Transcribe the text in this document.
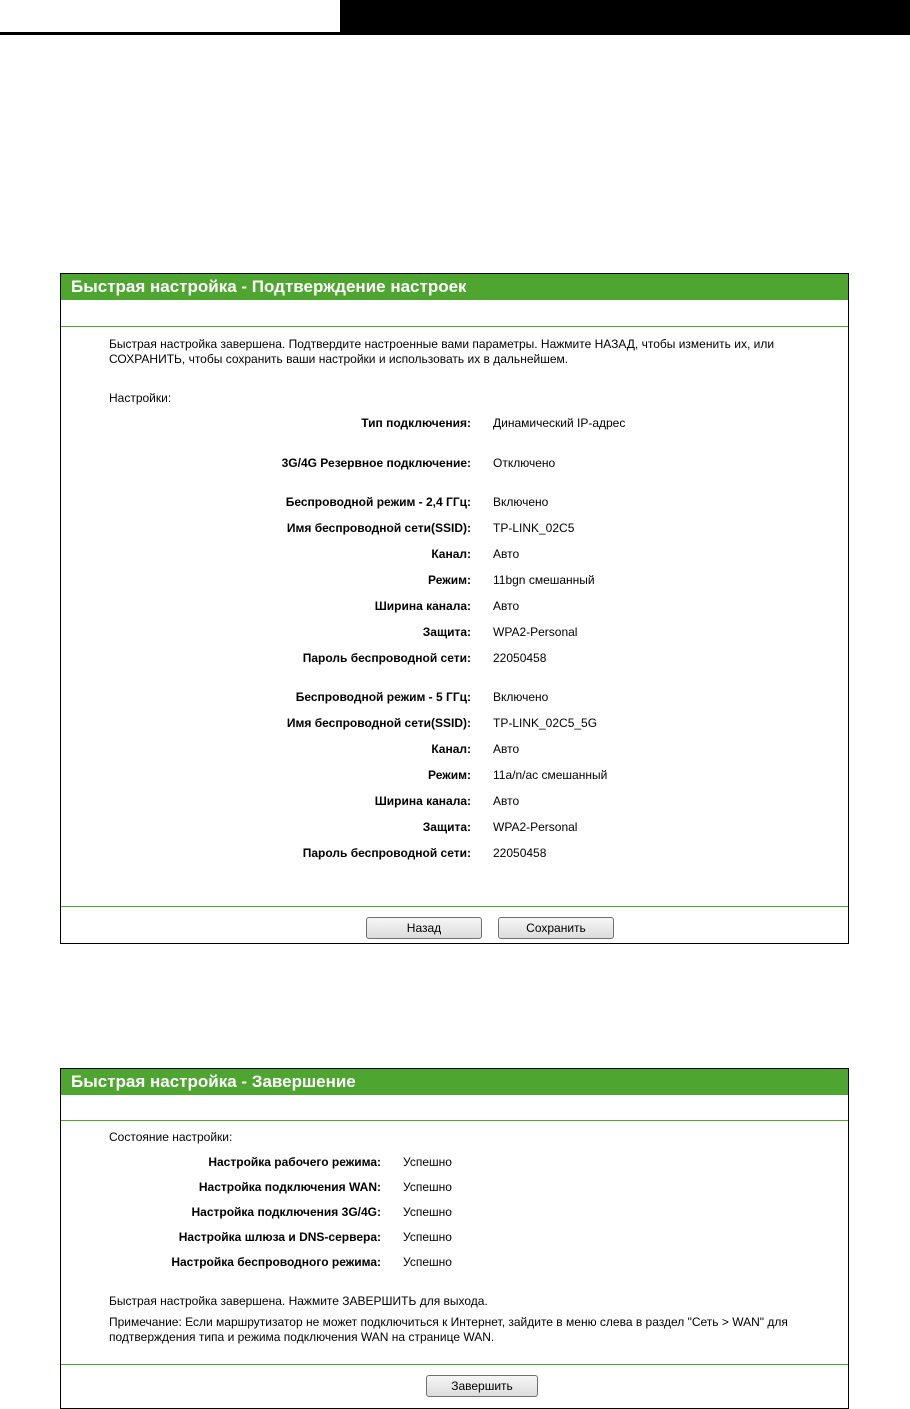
Быстрая настройка - Подтверждение настроек
Быстрая настройка завершена. Подтвердите настроенные вами параметры. Нажмите НАЗАД, чтобы изменить их, или СОХРАНИТЬ, чтобы сохранить ваши настройки и использовать их в дальнейшем.
Настройки:
Тип подключения: Динамический IP-адрес
3G/4G Резервное подключение: Отключено
Беспроводной режим - 2,4 ГГц: Включено
Имя беспроводной сети(SSID): TP-LINK_02C5
Канал: Авто
Режим: 11bgn смешанный
Ширина канала: Авто
Защита: WPA2-Personal
Пароль беспроводной сети: 22050458
Беспроводной режим - 5 ГГц: Включено
Имя беспроводной сети(SSID): TP-LINK_02C5_5G
Канал: Авто
Режим: 11a/n/ac смешанный
Ширина канала: Авто
Защита: WPA2-Personal
Пароль беспроводной сети: 22050458
Назад	Сохранить
Быстрая настройка - Завершение
Состояние настройки:
Настройка рабочего режима: Успешно
Настройка подключения WAN: Успешно
Настройка подключения 3G/4G: Успешно
Настройка шлюза и DNS-сервера: Успешно
Настройка беспроводного режима: Успешно
Быстрая настройка завершена. Нажмите ЗАВЕРШИТЬ для выхода.
Примечание: Если маршрутизатор не может подключиться к Интернет, зайдите в меню слева в раздел "Сеть > WAN" для подтверждения типа и режима подключения WAN на странице WAN.
Завершить
